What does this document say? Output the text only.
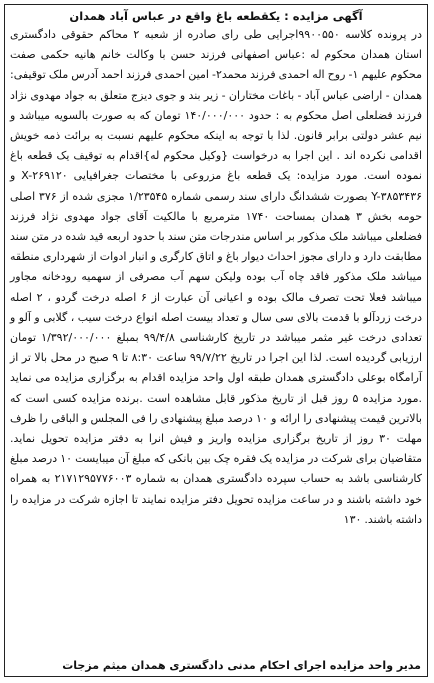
آگهی مزایده : یکقطعه باغ واقع در عباس آباد همدان

در پرونده کلاسه ۹۹۰۰۵۵۰اجرایی طی رای صادره از شعبه ۲ محاکم حقوقی دادگستری استان همدان محکوم له :عباس اصفهانی فرزند حسن با وکالت خانم هانیه حکمی صفت محکوم علیهم ۱- روح اله احمدی فرزند محمد۲- امین احمدی فرزند احمد آدرس ملک توقیفی: همدان - اراضی عباس آباد - باغات مختاران - زیر بند و جوی دیزج متعلق به جواد مهدوی نژاد فرزند فضلعلی اصل محکوم به : حدود ۱۴۰/۰۰۰/۰۰۰ تومان که به صورت بالسویه میباشد و نیم عشر دولتی برابر قانون. لذا با توجه به اینکه محکوم علیهم نسبت به برائت ذمه خویش اقدامی نکرده اند . این اجرا به درخواست {وکیل محکوم له}اقدام به توقیف یک قطعه باغ نموده است. مورد مزایده: یک قطعه باغ مزروعی با مختصات جغرافیایی X-۲۶۹۱۲۰ و Y-۳۸۵۳۴۳۶ بصورت ششدانگ دارای سند رسمی شماره ۱/۲۳۵۴۵ مجزی شده از ۳۷۶ اصلی حومه بخش ۳ همدان بمساحت ۱۷۴۰ مترمربع با مالکیت آقای جواد مهدوی نژاد فرزند فضلعلی میباشد ملک مذکور بر اساس مندرجات متن سند با حدود اربعه قید شده در متن سند مطابقت دارد و دارای مجوز احداث دیوار باغ و اتاق کارگری و انبار ادوات از شهرداری منطقه میباشد ملک مذکور فاقد چاه آب بوده ولیکن سهم آب مصرفی از سهمیه رودخانه مجاور میباشد فعلا تحت تصرف مالک بوده و اعیانی آن عبارت از ۶ اصله درخت گردو ، ۲ اصله درخت زردآلو با قدمت بالای سی سال و تعداد بیست اصله انواع درخت سیب ، گلابی و آلو و تعدادی درخت غیر مثمر میباشد در تاریخ کارشناسی ۹۹/۴/۸ بمبلغ ۱/۳۹۲/۰۰۰/۰۰۰ تومان ارزیابی گردیده است. لذا این اجرا در تاریخ ۹۹/۷/۲۲ ساعت ۸:۳۰ تا ۹ صبح در محل بالا تر از آرامگاه بوعلی دادگستری همدان طبقه اول واحد مزایده اقدام به برگزاری مزایده می نماید .مورد مزایده ۵ روز قبل از تاریخ مذکور قابل مشاهده است .برنده مزایده کسی است که بالاترین قیمت پیشنهادی را ارائه و ۱۰ درصد مبلغ پیشنهادی را فی المجلس و الباقی را ظرف مهلت ۳۰ روز از تاریخ برگزاری مزایده واریز و فیش انرا به دفتر مزایده تحویل نماید. متقاضیان برای شرکت در مزایده یک فقره چک بین بانکی که مبلغ آن میبایست ۱۰ درصد مبلغ کارشناسی باشد به حساب سپرده دادگستری همدان به شماره ۲۱۷۱۲۹۵۷۷۶۰۰۳ به همراه خود داشته باشند و در ساعت مزایده تحویل دفتر مزایده نمایند تا اجازه شرکت در مزایده را داشته باشند. ۱۳۰

مدیر واحد مزایده اجرای احکام مدنی دادگستری همدان میثم مزجات
